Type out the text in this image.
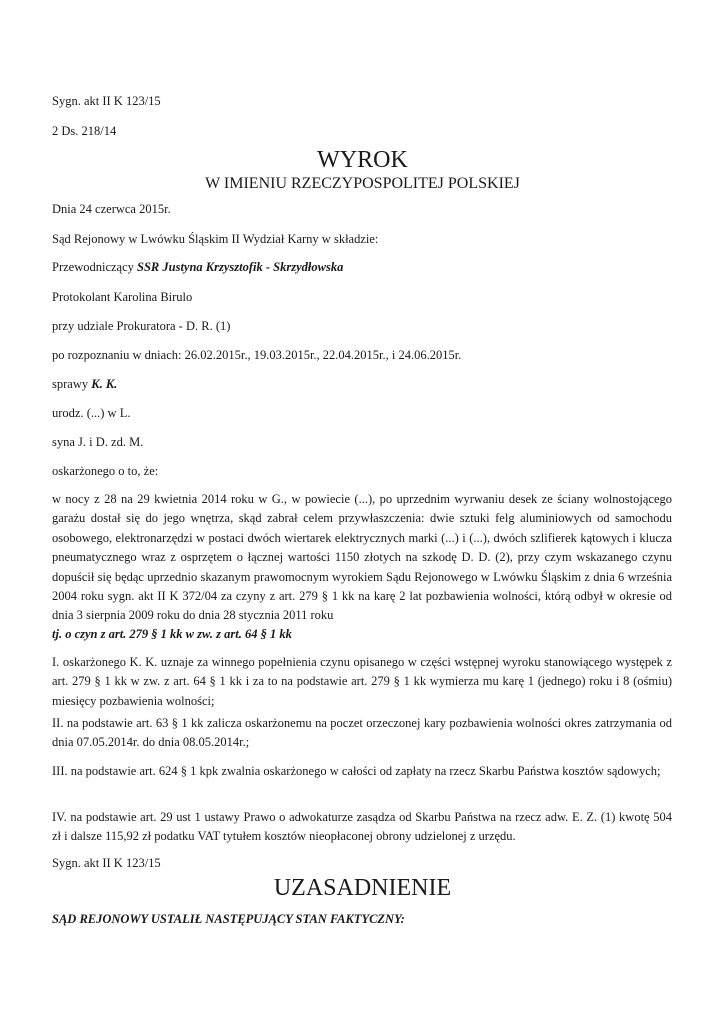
Sygn. akt II K 123/15

2 Ds. 218/14

WYROK
W IMIENIU RZECZYPOSPOLITEJ POLSKIEJ

Dnia 24 czerwca 2015r.

Sąd Rejonowy w Lwówku Śląskim II Wydział Karny w składzie:

Przewodniczący SSR Justyna Krzysztofik - Skrzydłowska

Protokolant Karolina Birulo

przy udziale Prokuratora - D. R. (1)

po rozpoznaniu w dniach: 26.02.2015r., 19.03.2015r., 22.04.2015r., i 24.06.2015r.

sprawy K. K.

urodz. (...) w L.

syna J. i D. zd. M.

oskarżonego o to, że:

w nocy z 28 na 29 kwietnia 2014 roku w G., w powiecie (...), po uprzednim wyrwaniu desek ze ściany wolnostojącego garażu dostał się do jego wnętrza, skąd zabrał celem przywłaszczenia: dwie sztuki felg aluminiowych od samochodu osobowego, elektronarzędzi w postaci dwóch wiertarek elektrycznych marki (...) i (...), dwóch szlifierek kątowych i klucza pneumatycznego wraz z osprzętem o łącznej wartości 1150 złotych na szkodę D. D. (2), przy czym wskazanego czynu dopuścił się będąc uprzednio skazanym prawomocnym wyrokiem Sądu Rejonowego w Lwówku Śląskim z dnia 6 września 2004 roku sygn. akt II K 372/04 za czyny z art. 279 § 1 kk na karę 2 lat pozbawienia wolności, którą odbył w okresie od dnia 3 sierpnia 2009 roku do dnia 28 stycznia 2011 roku

tj. o czyn z art. 279 § 1 kk w zw. z art. 64 § 1 kk

I. oskarżonego K. K. uznaje za winnego popełnienia czynu opisanego w części wstępnej wyroku stanowiącego występek z art. 279 § 1 kk w zw. z art. 64 § 1 kk i za to na podstawie art. 279 § 1 kk wymierza mu karę 1 (jednego) roku i 8 (ośmiu) miesięcy pozbawienia wolności;

II. na podstawie art. 63 § 1 kk zalicza oskarżonemu na poczet orzeczonej kary pozbawienia wolności okres zatrzymania od dnia 07.05.2014r. do dnia 08.05.2014r.;

III. na podstawie art. 624 § 1 kpk zwalnia oskarżonego w całości od zapłaty na rzecz Skarbu Państwa kosztów sądowych;

IV. na podstawie art. 29 ust 1 ustawy Prawo o adwokaturze zasądza od Skarbu Państwa na rzecz adw. E. Z. (1) kwotę 504 zł i dalsze 115,92 zł podatku VAT tytułem kosztów nieopłaconej obrony udzielonej z urzędu.

Sygn. akt II K 123/15

UZASADNIENIE

SĄD REJONOWY USTALIŁ NASTĘPUJĄCY STAN FAKTYCZNY:
